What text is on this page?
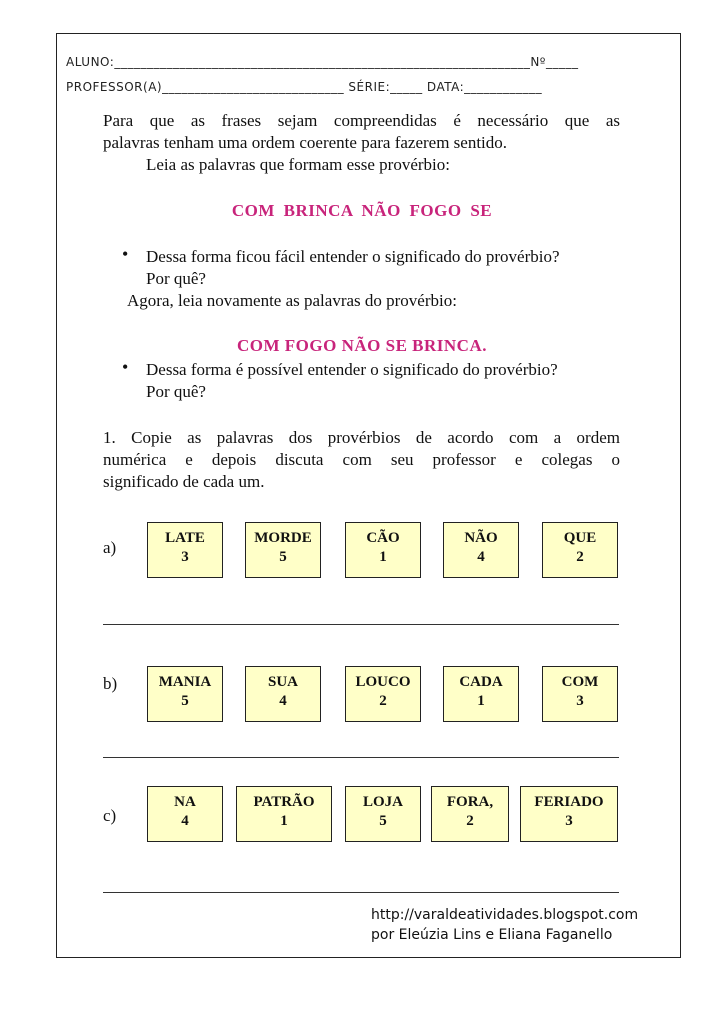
ALUNO:________________________________________________________________Nº_____
PROFESSOR(A)____________________________ SÉRIE:_____ DATA:____________
Para que as frases sejam compreendidas é necessário que as
palavras tenham uma ordem coerente para fazerem sentido.
Leia as palavras que formam esse provérbio:
COM BRINCA NÃO FOGO SE
• Dessa forma ficou fácil entender o significado do provérbio?
Por quê?
Agora, leia novamente as palavras do provérbio:
COM FOGO NÃO SE BRINCA.
• Dessa forma é possível entender o significado do provérbio?
Por quê?
1. Copie as palavras dos provérbios de acordo com a ordem
numérica e depois discuta com seu professor e colegas o
significado de cada um.
a)	LATE
3
MORDE
5
CÃO
1
NÃO
4
QUE
2
b)	MANIA
5
SUA
4
LOUCO
2
CADA
1
COM
3
c)
NA
4
PATRÃO
1
LOJA
5
FORA,
2
FERIADO
3
http://varaldeatividades.blogspot.com
por Eleúzia Lins e Eliana Faganello
